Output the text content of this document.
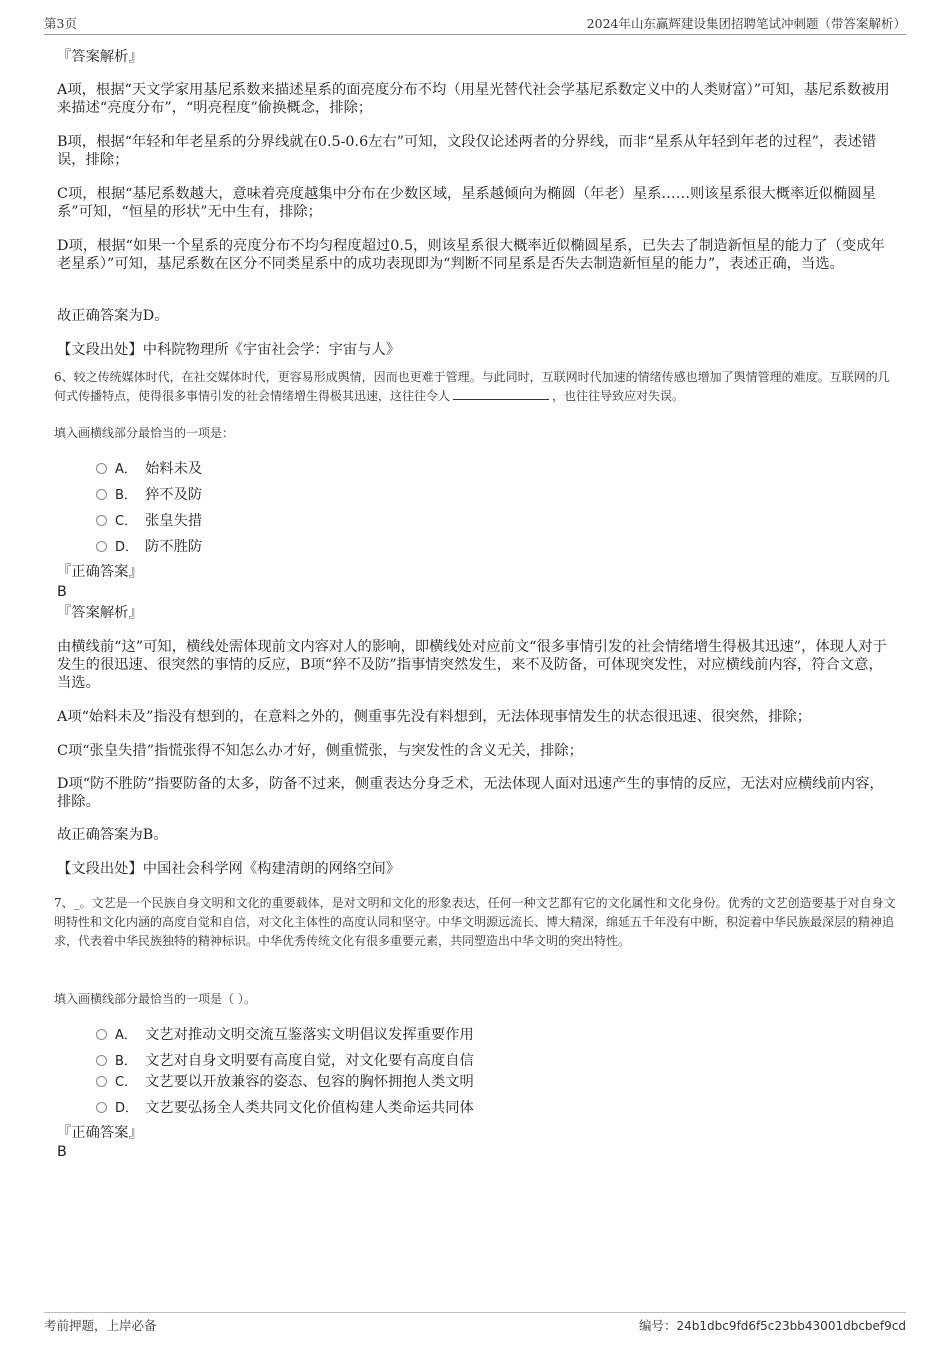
第3页	2024年山东赢辉建设集团招聘笔试冲刺题（带答案解析）
『答案解析』
A项，根据“天文学家用基尼系数来描述星系的面亮度分布不均（用星光替代社会学基尼系数定义中的人类财富）”可知，基尼系数被用来描述“亮度分布”，“明亮程度”偷换概念，排除；
B项，根据“年轻和年老星系的分界线就在0.5-0.6左右”可知，文段仅论述两者的分界线，而非“星系从年轻到年老的过程”，表述错误，排除；
C项，根据“基尼系数越大，意味着亮度越集中分布在少数区域，星系越倾向为椭圆（年老）星系……则该星系很大概率近似椭圆星系”可知，“恒星的形状”无中生有，排除；
D项，根据“如果一个星系的亮度分布不均匀程度超过0.5，则该星系很大概率近似椭圆星系，已失去了制造新恒星的能力了（变成年老星系）”可知，基尼系数在区分不同类星系中的成功表现即为“判断不同星系是否失去制造新恒星的能力”，表述正确，当选。
故正确答案为D。
【文段出处】中科院物理所《宇宙社会学：宇宙与人》
6、较之传统媒体时代，在社交媒体时代，更容易形成舆情，因而也更难于管理。与此同时，互联网时代加速的情绪传感也增加了舆情管理的难度。互联网的几何式传播特点，使得很多事情引发的社会情绪增生得极其迅速，这往往令人	，也往往导致应对失误。
填入画横线部分最恰当的一项是：
A． 始料未及
B． 猝不及防
C． 张皇失措
D． 防不胜防
『正确答案』
B
『答案解析』
由横线前“这”可知，横线处需体现前文内容对人的影响，即横线处对应前文“很多事情引发的社会情绪增生得极其迅速”，体现人对于发生的很迅速、很突然的事情的反应，B项“猝不及防”指事情突然发生，来不及防备，可体现突发性，对应横线前内容，符合文意，当选。
A项“始料未及”指没有想到的，在意料之外的，侧重事先没有料想到，无法体现事情发生的状态很迅速、很突然，排除；
C项“张皇失措”指慌张得不知怎么办才好，侧重慌张，与突发性的含义无关，排除；
D项“防不胜防”指要防备的太多，防备不过来，侧重表达分身乏术，无法体现人面对迅速产生的事情的反应，无法对应横线前内容，排除。
故正确答案为B。
【文段出处】中国社会科学网《构建清朗的网络空间》
7、_。文艺是一个民族自身文明和文化的重要载体，是对文明和文化的形象表达，任何一种文艺都有它的文化属性和文化身份。优秀的文艺创造要基于对自身文明特性和文化内涵的高度自觉和自信，对文化主体性的高度认同和坚守。中华文明源远流长、博大精深，绵延五千年没有中断，积淀着中华民族最深层的精神追求，代表着中华民族独特的精神标识。中华优秀传统文化有很多重要元素，共同塑造出中华文明的突出特性。
填入画横线部分最恰当的一项是（ ）。
A． 文艺对推动文明交流互鉴落实文明倡议发挥重要作用
B． 文艺对自身文明要有高度自觉，对文化要有高度自信
C． 文艺要以开放兼容的姿态、包容的胸怀拥抱人类文明
D． 文艺要弘扬全人类共同文化价值构建人类命运共同体
『正确答案』
B
考前押题，上岸必备	编号：24b1dbc9fd6f5c23bb43001dbcbef9cd
